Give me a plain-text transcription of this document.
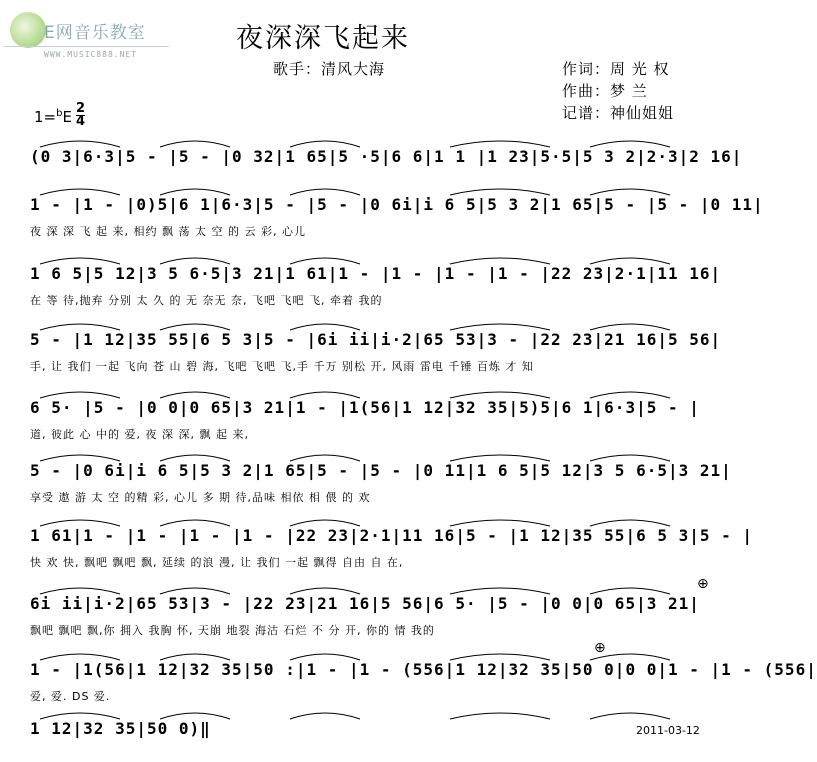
E网音乐教室
WWW.MUSIC888.NET
夜深深飞起来
歌手：清风大海	作词：周 光 权
作曲：梦 兰
记谱：神仙姐姐
1=$^b$E 2
4
(0 3|6·3|5 - |5 - |0 32|1 65|5 ·5|6 6|1 1 |1 23|5·5|5 3 2|2·3|2 16|
1 - |1 - |0)5|6 1|6·3|5 - |5 - |0 6i|i 6 5|5 3 2|1 65|5 - |5 - |0 11|
夜 深 深 飞 起 来, 相约 飘 荡 太 空 的 云 彩, 心儿
1 6 5|5 12|3 5 6·5|3 21|1 61|1 - |1 - |1 - |1 - |22 23|2·1|11 16|
在 等 待,抛弃 分别 太 久 的 无 奈无 奈, 飞吧 飞吧 飞, 牵着 我的
5 - |1 12|35 55|6 5 3|5 - |6i ii|i·2|65 53|3 - |22 23|21 16|5 56|
手, 让 我们 一起 飞向 苍 山 碧 海, 飞吧 飞吧 飞,手 千万 别松 开, 风雨 雷电 千锤 百炼 才 知
6 5· |5 - |0 0|0 65|3 21|1 - |1(56|1 12|32 35|5)5|6 1|6·3|5 - |
道, 彼此 心 中的 爱, 夜 深 深, 飘 起 来,
5 - |0 6i|i 6 5|5 3 2|1 65|5 - |5 - |0 11|1 6 5|5 12|3 5 6·5|3 21|
享受 遨 游 太 空 的精 彩, 心儿 多 期 待,品味 相依 相 偎 的 欢
1 61|1 - |1 - |1 - |1 - |22 23|2·1|11 16|5 - |1 12|35 55|6 5 3|5 - |
快 欢 快, 飘吧 飘吧 飘, 延续 的浪 漫, 让 我们 一起 飘得 自由 自 在,
6i ii|i·2|65 53|3 - |22 23|21 16|5 56|6 5· |5 - |0 0|0 65|3 21|
飘吧 飘吧 飘,你 拥入 我胸 怀, 天崩 地裂 海沽 石烂 不 分 开, 你的 情 我的
1 - |1(56|1 12|32 35|50 :|1 - |1 - (556|1 12|32 35|50 0|0 0|1 - |1 - (556|
爱, 爱. DS 爱.
1 12|32 35|50 0)‖
⊕
⊕
2011-03-12
